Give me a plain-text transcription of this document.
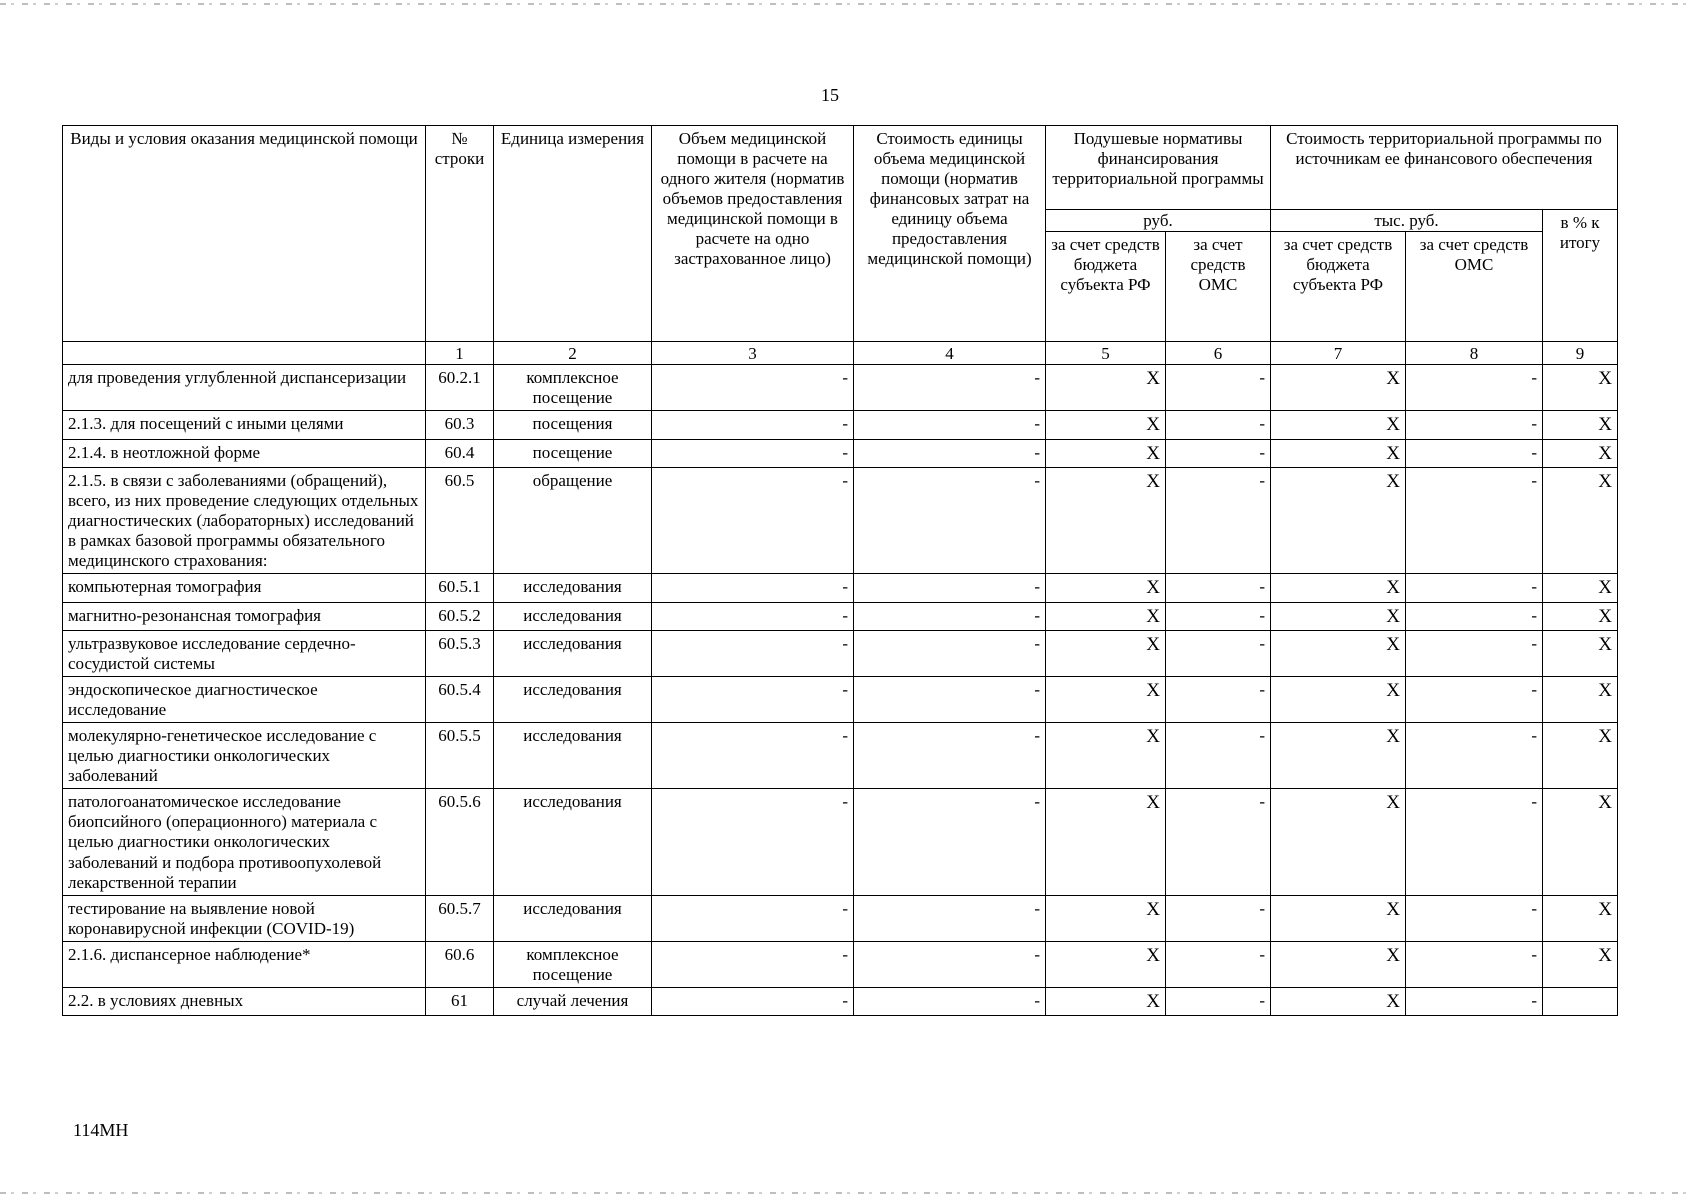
15
Виды и условия оказания медицинской помощи	№ строки	Единица измерения	Объем медицинской помощи в расчете на одного жителя (норматив объемов предоставления медицинской помощи в расчете на одно застрахованное лицо)	Стоимость единицы объема медицинской помощи (норматив финансовых затрат на единицу объема предоставления медицинской помощи)	Подушевые нормативы финансирования территориальной программы		Стоимость территориальной программы по источникам ее финансового обеспечения		
					руб.		тыс. руб.		в % к итогу
					за счет средств бюджета субъекта РФ	за счет средств ОМС	за счет средств бюджета субъекта РФ	за счет средств ОМС	
	1	2	3	4	5	6	7	8	9
для проведения углубленной диспансеризации	60.2.1	комплексное посещение	-	-	X	-	X	-	X
2.1.3. для посещений с иными целями	60.3	посещения	-	-	X	-	X	-	X
2.1.4. в неотложной форме	60.4	посещение	-	-	X	-	X	-	X
2.1.5. в связи с заболеваниями (обращений), всего, из них проведение следующих отдельных диагностических (лабораторных) исследований в рамках базовой программы обязательного медицинского страхования:	60.5	обращение	-	-	X	-	X	-	X
компьютерная томография	60.5.1	исследования	-	-	X	-	X	-	X
магнитно-резонансная томография	60.5.2	исследования	-	-	X	-	X	-	X
ультразвуковое исследование сердечно-сосудистой системы	60.5.3	исследования	-	-	X	-	X	-	X
эндоскопическое диагностическое исследование	60.5.4	исследования	-	-	X	-	X	-	X
молекулярно-генетическое исследование с целью диагностики онкологических заболеваний	60.5.5	исследования	-	-	X	-	X	-	X
патологоанатомическое исследование биопсийного (операционного) материала с целью диагностики онкологических заболеваний и подбора противоопухолевой лекарственной терапии	60.5.6	исследования	-	-	X	-	X	-	X
тестирование на выявление новой коронавирусной инфекции (COVID-19)	60.5.7	исследования	-	-	X	-	X	-	X
2.1.6. диспансерное наблюдение*	60.6	комплексное посещение	-	-	X	-	X	-	X
2.2. в условиях дневных	61	случай лечения	-	-	X	-	X	-	
114МН
